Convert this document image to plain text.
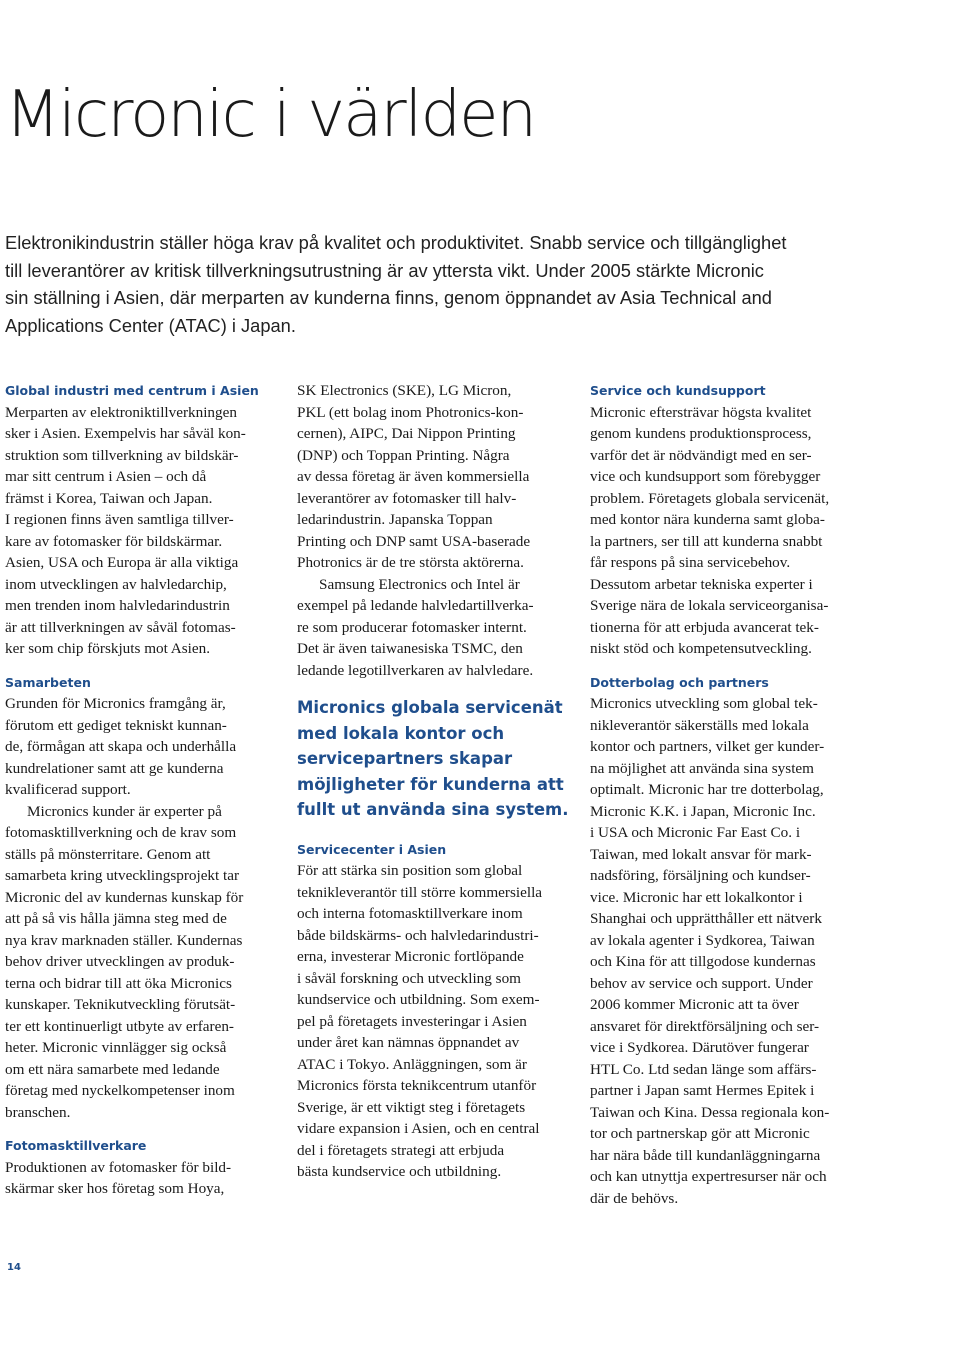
Micronic i världen
Elektronikindustrin ställer höga krav på kvalitet och produktivitet. Snabb service och tillgänglighet
till leverantörer av kritisk tillverkningsutrustning är av yttersta vikt. Under 2005 stärkte Micronic
sin ställning i Asien, där merparten av kunderna finns, genom öppnandet av Asia Technical and
Applications Center (ATAC) i Japan.
Global industri med centrum i Asien
Merparten av elektroniktillverkningen
sker i Asien. Exempelvis har såväl kon-
struktion som tillverkning av bildskär-
mar sitt centrum i Asien – och då
främst i Korea, Taiwan och Japan.
I regionen finns även samtliga tillver-
kare av fotomasker för bildskärmar.
Asien, USA och Europa är alla viktiga
inom utvecklingen av halvledarchip,
men trenden inom halvledarindustrin
är att tillverkningen av såväl fotomas-
ker som chip förskjuts mot Asien.
Samarbeten
Grunden för Micronics framgång är,
förutom ett gediget tekniskt kunnan-
de, förmågan att skapa och underhålla
kundrelationer samt att ge kunderna
kvalificerad support.
Micronics kunder är experter på
fotomasktillverkning och de krav som
ställs på mönsterritare. Genom att
samarbeta kring utvecklingsprojekt tar
Micronic del av kundernas kunskap för
att på så vis hålla jämna steg med de
nya krav marknaden ställer. Kundernas
behov driver utvecklingen av produk-
terna och bidrar till att öka Micronics
kunskaper. Teknikutveckling förutsät-
ter ett kontinuerligt utbyte av erfaren-
heter. Micronic vinnlägger sig också
om ett nära samarbete med ledande
företag med nyckelkompetenser inom
branschen.
Fotomasktillverkare
Produktionen av fotomasker för bild-
skärmar sker hos företag som Hoya,
SK Electronics (SKE), LG Micron,
PKL (ett bolag inom Photronics-kon-
cernen), AIPC, Dai Nippon Printing
(DNP) och Toppan Printing. Några
av dessa företag är även kommersiella
leverantörer av fotomasker till halv-
ledarindustrin. Japanska Toppan
Printing och DNP samt USA-baserade
Photronics är de tre största aktörerna.
Samsung Electronics och Intel är
exempel på ledande halvledartillverka-
re som producerar fotomasker internt.
Det är även taiwanesiska TSMC, den
ledande legotillverkaren av halvledare.
Micronics globala servicenät
med lokala kontor och
servicepartners skapar
möjligheter för kunderna att
fullt ut använda sina system.
Servicecenter i Asien
För att stärka sin position som global
teknikleverantör till större kommersiella
och interna fotomasktillverkare inom
både bildskärms- och halvledarindustri-
erna, investerar Micronic fortlöpande
i såväl forskning och utveckling som
kundservice och utbildning. Som exem-
pel på företagets investeringar i Asien
under året kan nämnas öppnandet av
ATAC i Tokyo. Anläggningen, som är
Micronics första teknikcentrum utanför
Sverige, är ett viktigt steg i företagets
vidare expansion i Asien, och en central
del i företagets strategi att erbjuda
bästa kundservice och utbildning.
Service och kundsupport
Micronic eftersträvar högsta kvalitet
genom kundens produktionsprocess,
varför det är nödvändigt med en ser-
vice och kundsupport som förebygger
problem. Företagets globala servicenät,
med kontor nära kunderna samt globa-
la partners, ser till att kunderna snabbt
får respons på sina servicebehov.
Dessutom arbetar tekniska experter i
Sverige nära de lokala serviceorganisa-
tionerna för att erbjuda avancerat tek-
niskt stöd och kompetensutveckling.
Dotterbolag och partners
Micronics utveckling som global tek-
nikleverantör säkerställs med lokala
kontor och partners, vilket ger kunder-
na möjlighet att använda sina system
optimalt. Micronic har tre dotterbolag,
Micronic K.K. i Japan, Micronic Inc.
i USA och Micronic Far East Co. i
Taiwan, med lokalt ansvar för mark-
nadsföring, försäljning och kundser-
vice. Micronic har ett lokalkontor i
Shanghai och upprätthåller ett nätverk
av lokala agenter i Sydkorea, Taiwan
och Kina för att tillgodose kundernas
behov av service och support. Under
2006 kommer Micronic att ta över
ansvaret för direktförsäljning och ser-
vice i Sydkorea. Därutöver fungerar
HTL Co. Ltd sedan länge som affärs-
partner i Japan samt Hermes Epitek i
Taiwan och Kina. Dessa regionala kon-
tor och partnerskap gör att Micronic
har nära både till kundanläggningarna
och kan utnyttja expertresurser när och
där de behövs.
14
